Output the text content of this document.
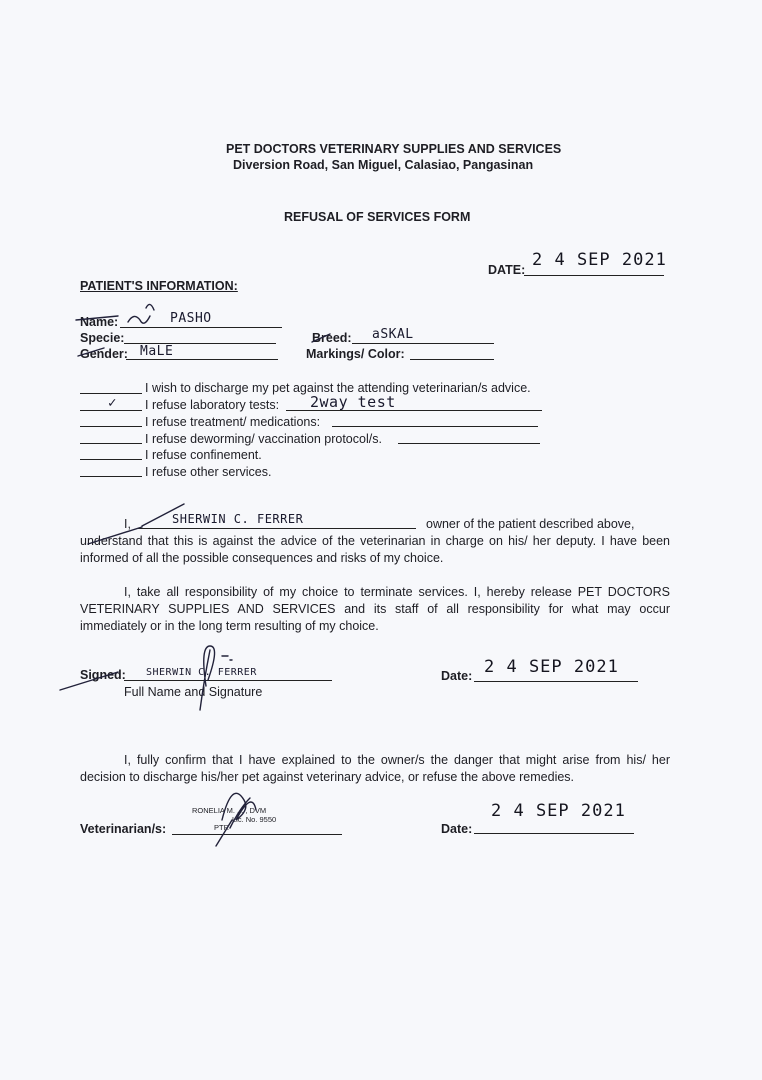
PET DOCTORS VETERINARY SUPPLIES AND SERVICES
Diversion Road, San Miguel, Calasiao, Pangasinan
REFUSAL OF SERVICES FORM
DATE: 2 4 SEP 2021
PATIENT'S INFORMATION:
Name:	PASHO
Specie:
Gender: MaLE
Breed: aSKAL
Markings/ Color:
I wish to discharge my pet against the attending veterinarian/s advice.
✓ I refuse laboratory tests: 2way test
I refuse treatment/ medications:
I refuse deworming/ vaccination protocol/s.
I refuse confinement.
I refuse other services.
I,	SHERWIN C. FERRER	owner of the patient described above,
understand that this is against the advice of the veterinarian in charge on his/ her deputy. I have been informed of all the possible consequences and risks of my choice.
I, take all responsibility of my choice to terminate services. I, hereby release PET DOCTORS VETERINARY SUPPLIES AND SERVICES and its staff of all responsibility for what may occur immediately or in the long term resulting of my choice.
Signed: SHERWIN C. FERRER
Full Name and Signature
Date: 2 4 SEP 2021
I, fully confirm that I have explained to the owner/s the danger that might arise from his/ her decision to discharge his/her pet against veterinary advice, or refuse the above remedies.
Veterinarian/s:
RONELIA M. ... , DVM
Lic. No. 9550
PTR	Date:
2 4 SEP 2021
